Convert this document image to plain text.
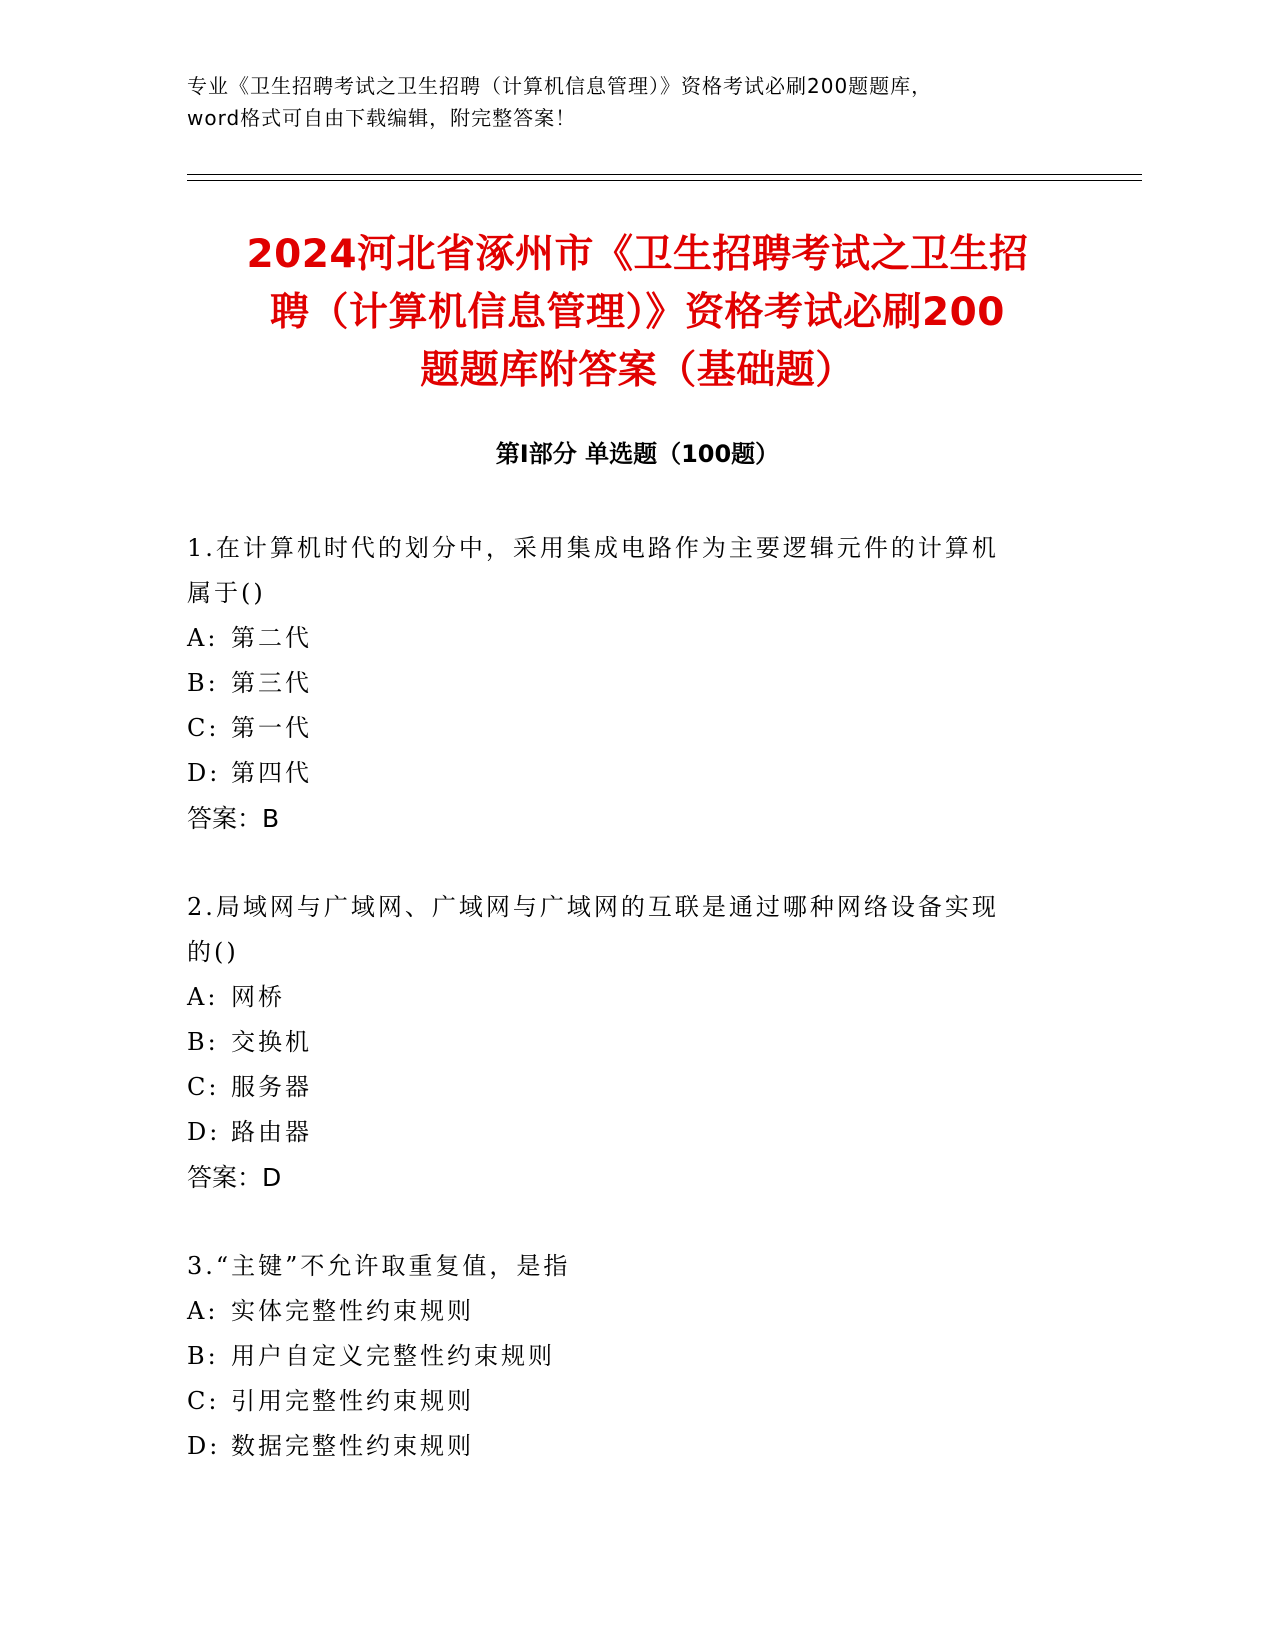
专业《卫生招聘考试之卫生招聘（计算机信息管理）》资格考试必刷200题题库，
word格式可自由下载编辑，附完整答案！
2024河北省涿州市《卫生招聘考试之卫生招
聘（计算机信息管理）》资格考试必刷200
题题库附答案（基础题）
第Ⅰ部分 单选题（100题）

1.在计算机时代的划分中，采用集成电路作为主要逻辑元件的计算机

属于()

A: 第二代

B: 第三代

C: 第一代

D: 第四代

答案：B

2.局域网与广域网、广域网与广域网的互联是通过哪种网络设备实现

的()

A: 网桥

B: 交换机

C: 服务器

D: 路由器

答案：D

3.“主键”不允许取重复值，是指

A: 实体完整性约束规则

B: 用户自定义完整性约束规则

C: 引用完整性约束规则

D: 数据完整性约束规则
